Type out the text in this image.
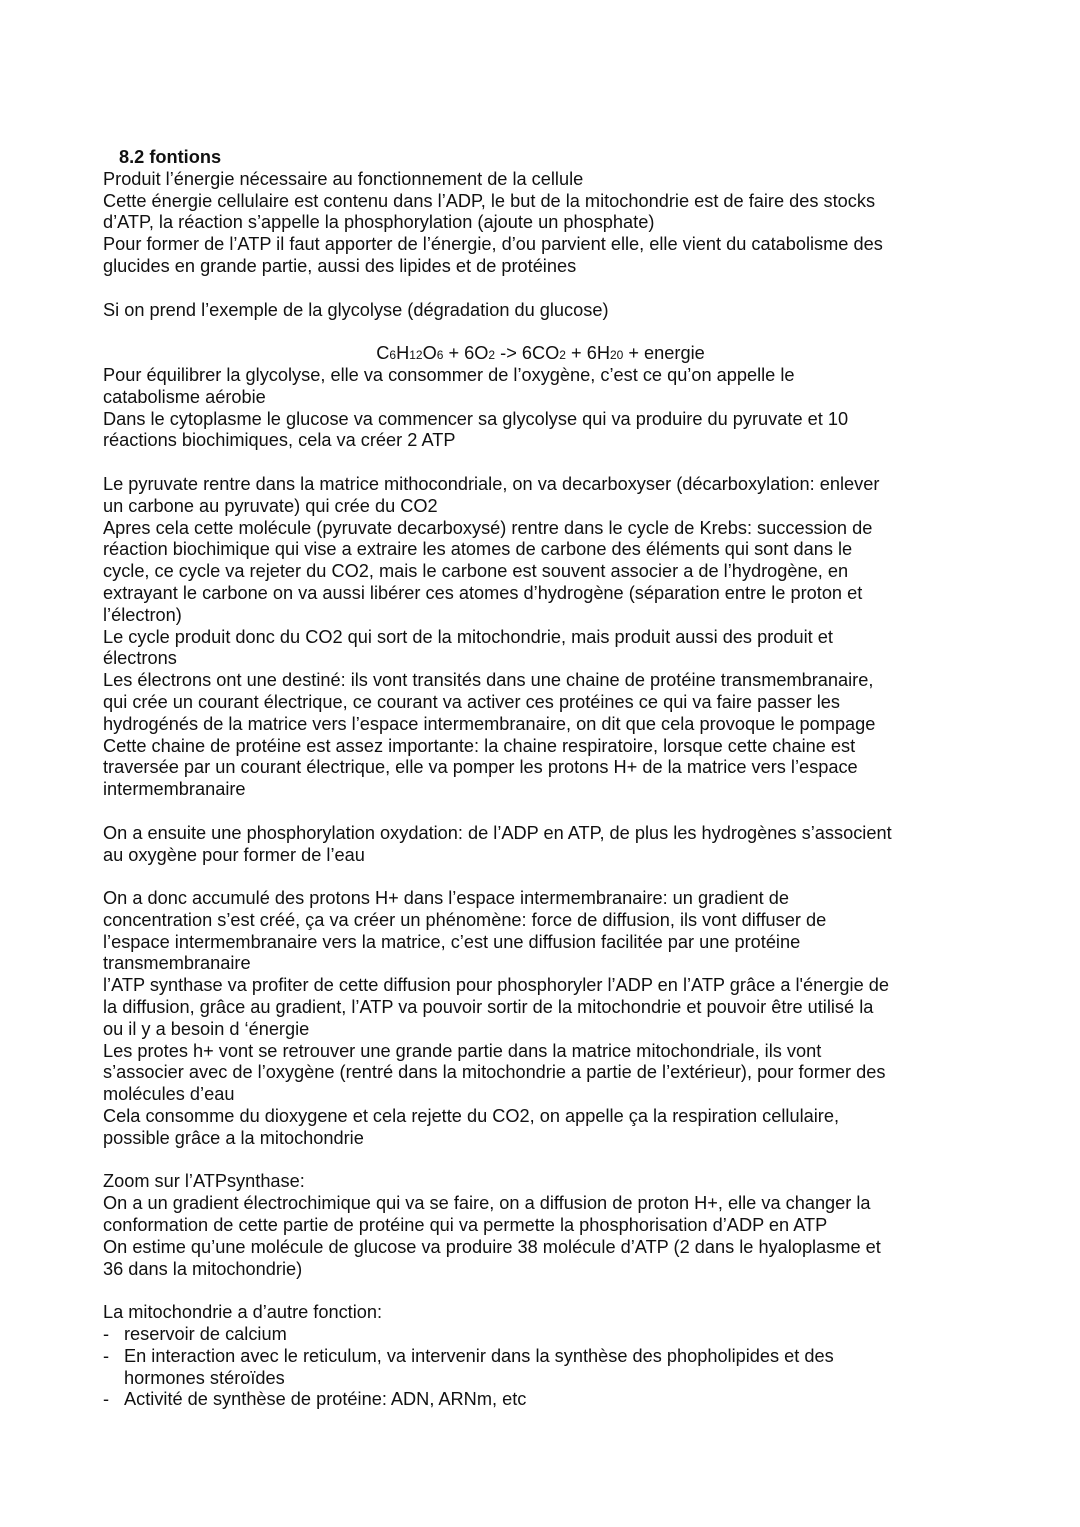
8.2 fontions
Produit l’énergie nécessaire au fonctionnement de la cellule
Cette énergie cellulaire est contenu dans l’ADP, le but de la mitochondrie est de faire des stocks
d’ATP, la réaction s’appelle la phosphorylation (ajoute un phosphate)
Pour former de l’ATP il faut apporter de l’énergie, d’ou parvient elle, elle vient du catabolisme des
glucides en grande partie, aussi des lipides et de protéines
Si on prend l’exemple de la glycolyse (dégradation du glucose)
C6H12O6 + 6O2 -> 6CO2 + 6H20 + energie
Pour équilibrer la glycolyse, elle va consommer de l’oxygène, c’est ce qu’on appelle le
catabolisme aérobie
Dans le cytoplasme le glucose va commencer sa glycolyse qui va produire du pyruvate et 10
réactions biochimiques, cela va créer 2 ATP
Le pyruvate rentre dans la matrice mithocondriale, on va decarboxyser (décarboxylation: enlever
un carbone au pyruvate) qui crée du CO2
Apres cela cette molécule (pyruvate decarboxysé) rentre dans le cycle de Krebs: succession de
réaction biochimique qui vise a extraire les atomes de carbone des éléments qui sont dans le
cycle, ce cycle va rejeter du CO2, mais le carbone est souvent associer a de l’hydrogène, en
extrayant le carbone on va aussi libérer ces atomes d’hydrogène (séparation entre le proton et
l’électron)
Le cycle produit donc du CO2 qui sort de la mitochondrie, mais produit aussi des produit et
électrons
Les électrons ont une destiné: ils vont transités dans une chaine de protéine transmembranaire,
qui crée un courant électrique, ce courant va activer ces protéines ce qui va faire passer les
hydrogénés de la matrice vers l’espace intermembranaire, on dit que cela provoque le pompage
Cette chaine de protéine est assez importante: la chaine respiratoire, lorsque cette chaine est
traversée par un courant électrique, elle va pomper les protons H+ de la matrice vers l’espace
intermembranaire
On a ensuite une phosphorylation oxydation: de l’ADP en ATP, de plus les hydrogènes s’associent
au oxygène pour former de l’eau
On a donc accumulé des protons H+ dans l’espace intermembranaire: un gradient de
concentration s’est créé, ça va créer un phénomène: force de diffusion, ils vont diffuser de
l’espace intermembranaire vers la matrice, c’est une diffusion facilitée par une protéine
transmembranaire
l’ATP synthase va profiter de cette diffusion pour phosphoryler l’ADP en l’ATP grâce a l'énergie de
la diffusion, grâce au gradient, l’ATP va pouvoir sortir de la mitochondrie et pouvoir être utilisé la
ou il y a besoin d ‘énergie
Les protes h+ vont se retrouver une grande partie dans la matrice mitochondriale, ils vont
s’associer avec de l’oxygène (rentré dans la mitochondrie a partie de l’extérieur), pour former des
molécules d’eau
Cela consomme du dioxygene et cela rejette du CO2, on appelle ça la respiration cellulaire,
possible grâce a la mitochondrie
Zoom sur l’ATPsynthase:
On a un gradient électrochimique qui va se faire, on a diffusion de proton H+, elle va changer la
conformation de cette partie de protéine qui va permette la phosphorisation d’ADP en ATP
On estime qu’une molécule de glucose va produire 38 molécule d’ATP (2 dans le hyaloplasme et
36 dans la mitochondrie)
La mitochondrie a d’autre fonction:
- reservoir de calcium
- En interaction avec le reticulum, va intervenir dans la synthèse des phopholipides et des
hormones stéroïdes
- Activité de synthèse de protéine: ADN, ARNm, etc
